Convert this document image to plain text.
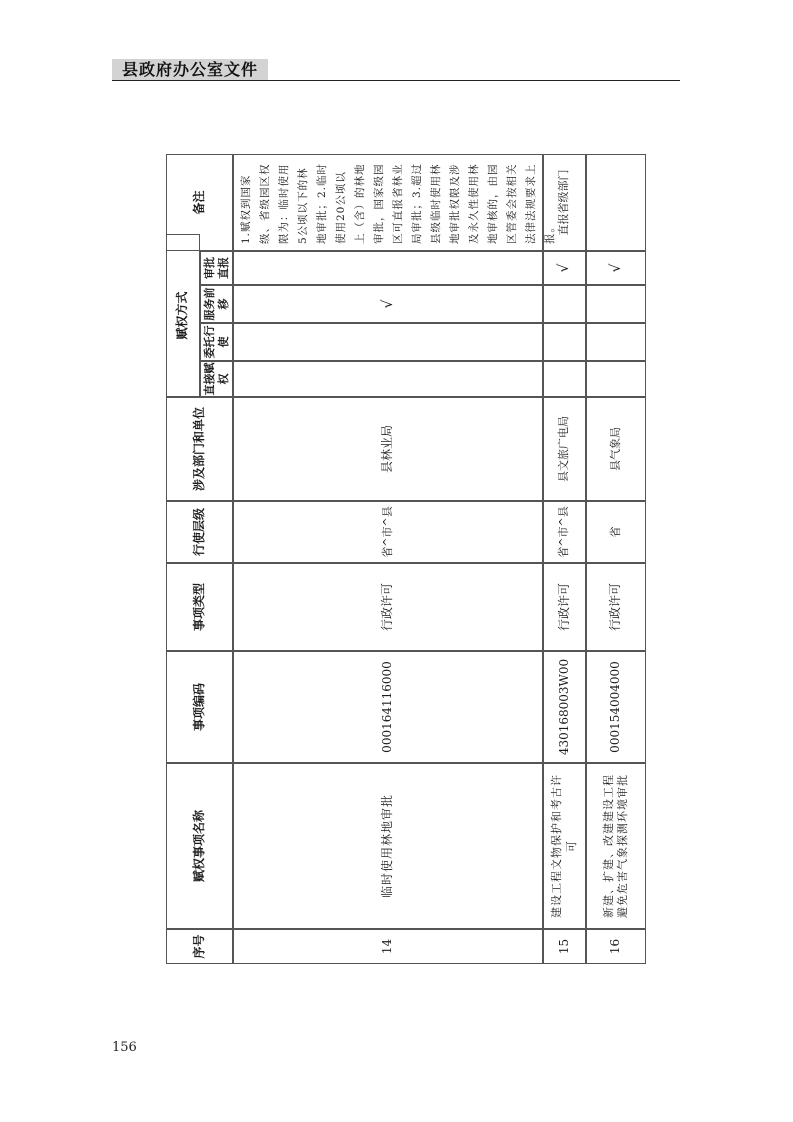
县政府办公室文件
序号
赋权事项名称
事项编码
事项类型
行使层级
涉及部门和单位
赋权方式
直接赋权
委托行使
服务前移
审批直报
备注
14
临时使用林地审批
000164116000
行政许可
省^市^县
县林业局
√
1.赋权到国家级、省级园区权限为：临时使用5公顷以下的林地审批；2.临时使用20公顷以上（含）的林地审批，国家级园区可直报省林业局审批；3.超过县级临时使用林地审批权限及涉及永久性使用林地审核的，由园区管委会按相关法律法规要求上报。
15
建设工程文物保护和考古许可
430168003W00
行政许可
省^市^县
县文旅广电局
√
直报省级部门
16
新建、扩建、改建建设工程避免危害气象探测环境审批
000154004000
行政许可
省
县气象局
√
156
